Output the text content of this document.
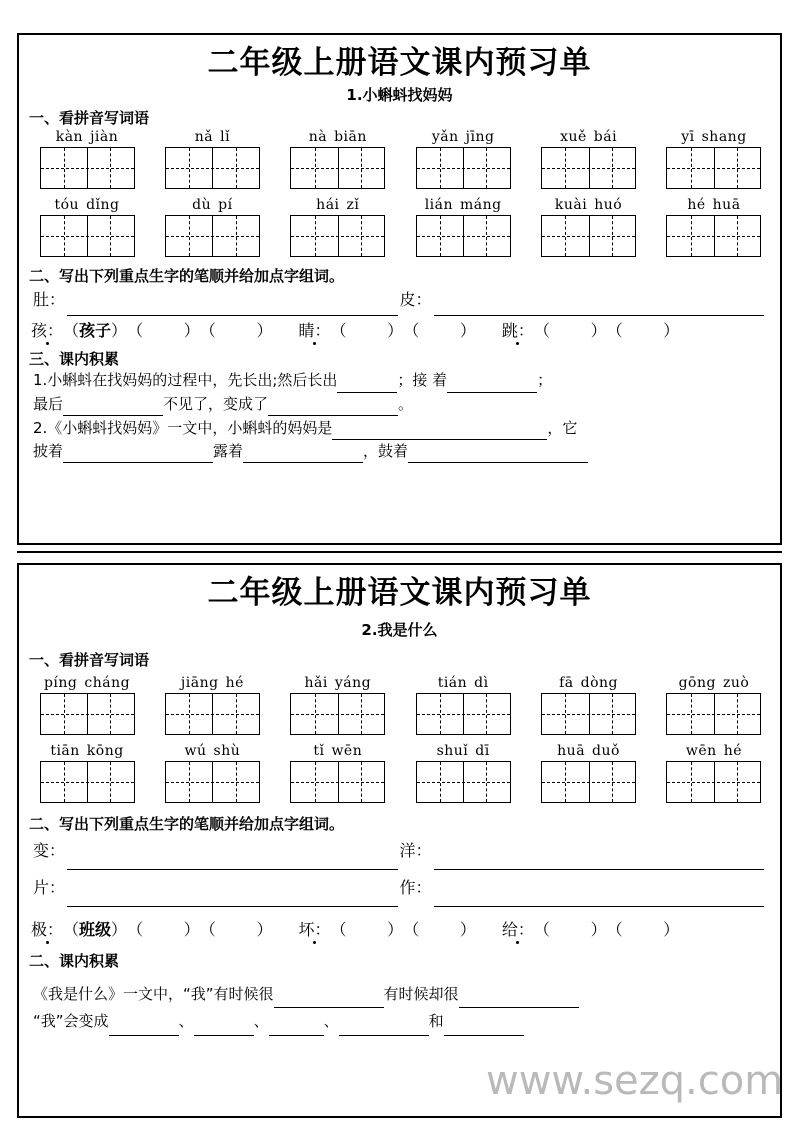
二年级上册语文课内预习单
1.小蝌蚪找妈妈
一、看拼音写词语
kàn jiàn	nǎ lǐ	nà biān	yǎn jīng	xuě bái	yī shang
tóu dǐng	dù pí	hái zǐ	lián máng	kuài huó	hé huā
二、写出下列重点生字的笔顺并给加点字组词。
肚：	皮：
孩： （孩子） （        ） （        ） 睛： （        ） （        ） 跳： （        ） （        ）
三、课内积累
1.小蝌蚪在找妈妈的过程中，先长出;然后长出	；接 着	；
最后	不见了，变成了	。
2.《小蝌蚪找妈妈》一文中，小蝌蚪的妈妈是	，它
披着	露着	，鼓着
二年级上册语文课内预习单
2.我是什么
一、看拼音写词语
píng cháng	jiāng hé	hǎi yáng	tián dì	fā dòng	gōng zuò
tiān kōng	wú shù	tǐ wēn	shuǐ dī	huā duǒ	wēn hé
二、写出下列重点生字的笔顺并给加点字组词。
变：	洋：
片：	作：
极： （班级） （        ） （        ） 坏： （        ） （        ） 给： （        ） （        ）
二、课内积累
《我是什么》一文中，“我”有时候很	有时候却很
“我”会变成	、	、	、	和
www.sezq.com
